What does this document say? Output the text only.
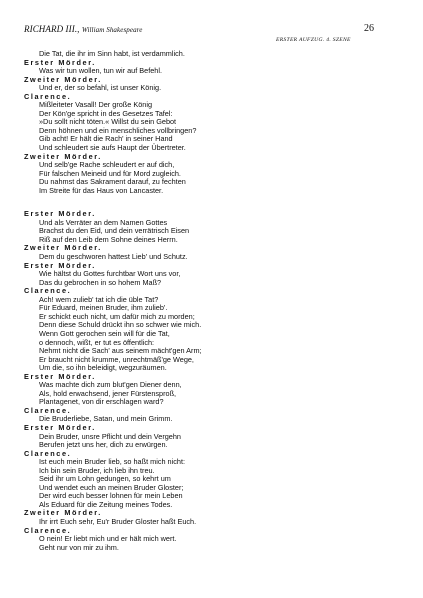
RICHARD III., William Shakespeare	26
ERSTER AUFZUG. 4. SZENE
Die Tat, die ihr im Sinn habt, ist verdammlich.
Erster Mörder.
Was wir tun wollen, tun wir auf Befehl.
Zweiter Mörder.
Und er, der so befahl, ist unser König.
Clarence.
Mißleiteter Vasall! Der große König
Der Kön'ge spricht in des Gesetzes Tafel:
»Du sollt nicht töten.« Willst du sein Gebot
Denn höhnen und ein menschliches vollbringen?
Gib acht! Er hält die Rach' in seiner Hand
Und schleudert sie aufs Haupt der Übertreter.
Zweiter Mörder.
Und selb'ge Rache schleudert er auf dich,
Für falschen Meineid und für Mord zugleich.
Du nahmst das Sakrament darauf, zu fechten
Im Streite für das Haus von Lancaster.
Erster Mörder.
Und als Verräter an dem Namen Gottes
Brachst du den Eid, und dein verrätrisch Eisen
Riß auf den Leib dem Sohne deines Herrn.
Zweiter Mörder.
Dem du geschworen hattest Lieb' und Schutz.
Erster Mörder.
Wie hältst du Gottes furchtbar Wort uns vor,
Das du gebrochen in so hohem Maß?
Clarence.
Ach! wem zulieb' tat ich die üble Tat?
Für Eduard, meinen Bruder, ihm zulieb'.
Er schickt euch nicht, um dafür mich zu morden;
Denn diese Schuld drückt ihn so schwer wie mich.
Wenn Gott gerochen sein will für die Tat,
o dennoch, wißt, er tut es öffentlich:
Nehmt nicht die Sach' aus seinem mächt'gen Arm;
Er braucht nicht krumme, unrechtmäß'ge Wege,
Um die, so ihn beleidigt, wegzuräumen.
Erster Mörder.
Was machte dich zum blut'gen Diener denn,
Als, hold erwachsend, jener Fürstensproß,
Plantagenet, von dir erschlagen ward?
Clarence.
Die Bruderliebe, Satan, und mein Grimm.
Erster Mörder.
Dein Bruder, unsre Pflicht und dein Vergehn
Berufen jetzt uns her, dich zu erwürgen.
Clarence.
Ist euch mein Bruder lieb, so haßt mich nicht:
Ich bin sein Bruder, ich lieb ihn treu.
Seid ihr um Lohn gedungen, so kehrt um
Und wendet euch an meinen Bruder Gloster;
Der wird euch besser lohnen für mein Leben
Als Eduard für die Zeitung meines Todes.
Zweiter Mörder.
Ihr irrt Euch sehr, Eu'r Bruder Gloster haßt Euch.
Clarence.
O nein! Er liebt mich und er hält mich wert.
Geht nur von mir zu ihm.
